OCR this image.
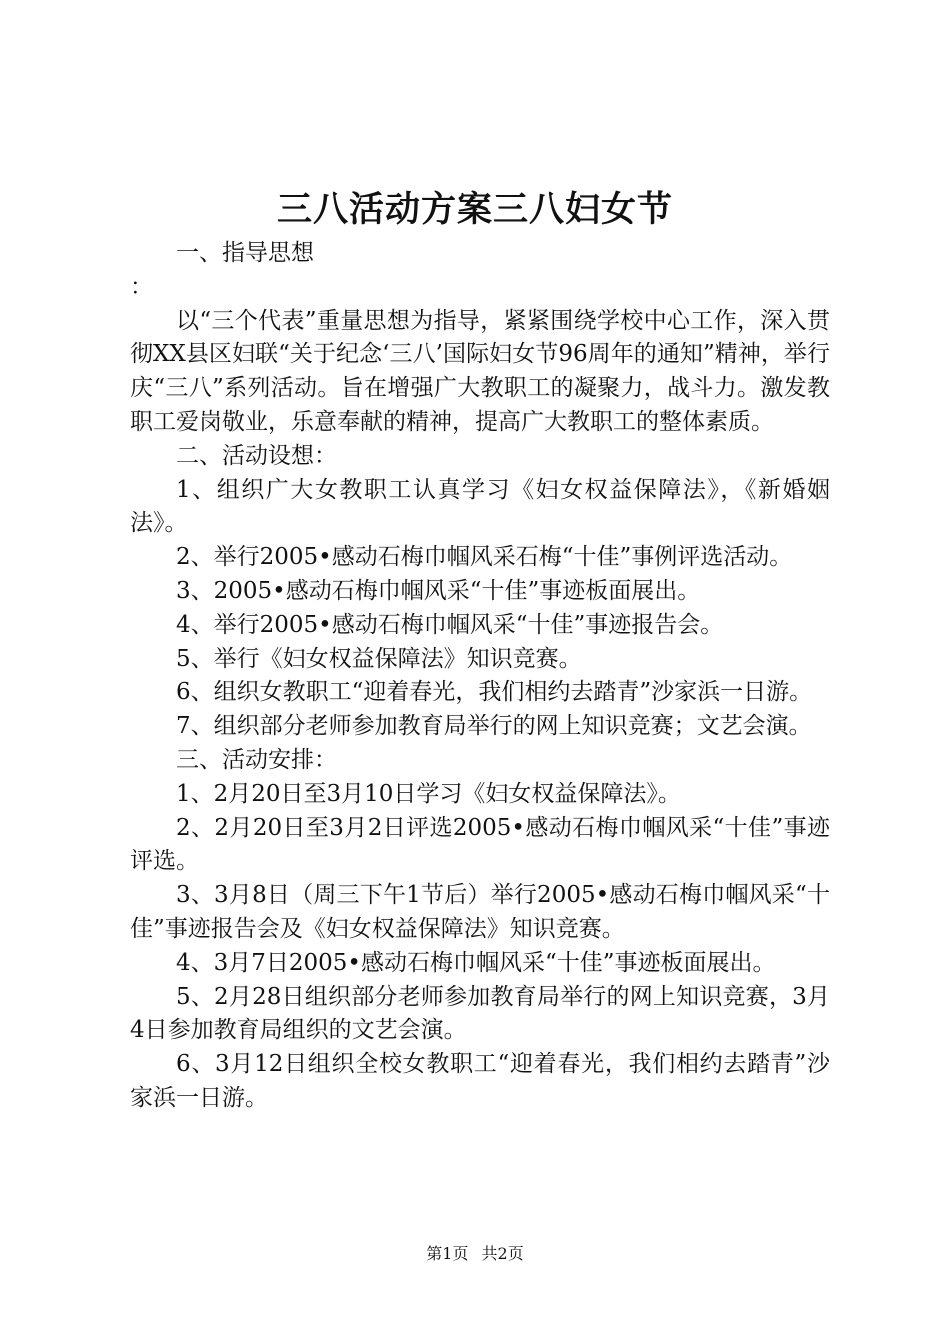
三八活动方案三八妇女节

一、指导思想

：

以“三个代表”重量思想为指导，紧紧围绕学校中心工作，深入贯彻XX县区妇联“关于纪念‘三八’国际妇女节96周年的通知”精神，举行庆“三八”系列活动。旨在增强广大教职工的凝聚力，战斗力。激发教职工爱岗敬业，乐意奉献的精神，提高广大教职工的整体素质。

二、活动设想：

1、组织广大女教职工认真学习《妇女权益保障法》，《新婚姻法》。

2、举行2005•感动石梅巾帼风采石梅“十佳”事例评选活动。

3、2005•感动石梅巾帼风采“十佳”事迹板面展出。

4、举行2005•感动石梅巾帼风采“十佳”事迹报告会。

5、举行《妇女权益保障法》知识竞赛。

6、组织女教职工“迎着春光，我们相约去踏青”沙家浜一日游。

7、组织部分老师参加教育局举行的网上知识竞赛；文艺会演。

三、活动安排：

1、2月20日至3月10日学习《妇女权益保障法》。

2、2月20日至3月2日评选2005•感动石梅巾帼风采“十佳”事迹评选。

3、3月8日（周三下午1节后）举行2005•感动石梅巾帼风采“十佳”事迹报告会及《妇女权益保障法》知识竞赛。

4、3月7日2005•感动石梅巾帼风采“十佳”事迹板面展出。

5、2月28日组织部分老师参加教育局举行的网上知识竞赛，3月4日参加教育局组织的文艺会演。

6、3月12日组织全校女教职工“迎着春光，我们相约去踏青”沙家浜一日游。

第1页 共2页
